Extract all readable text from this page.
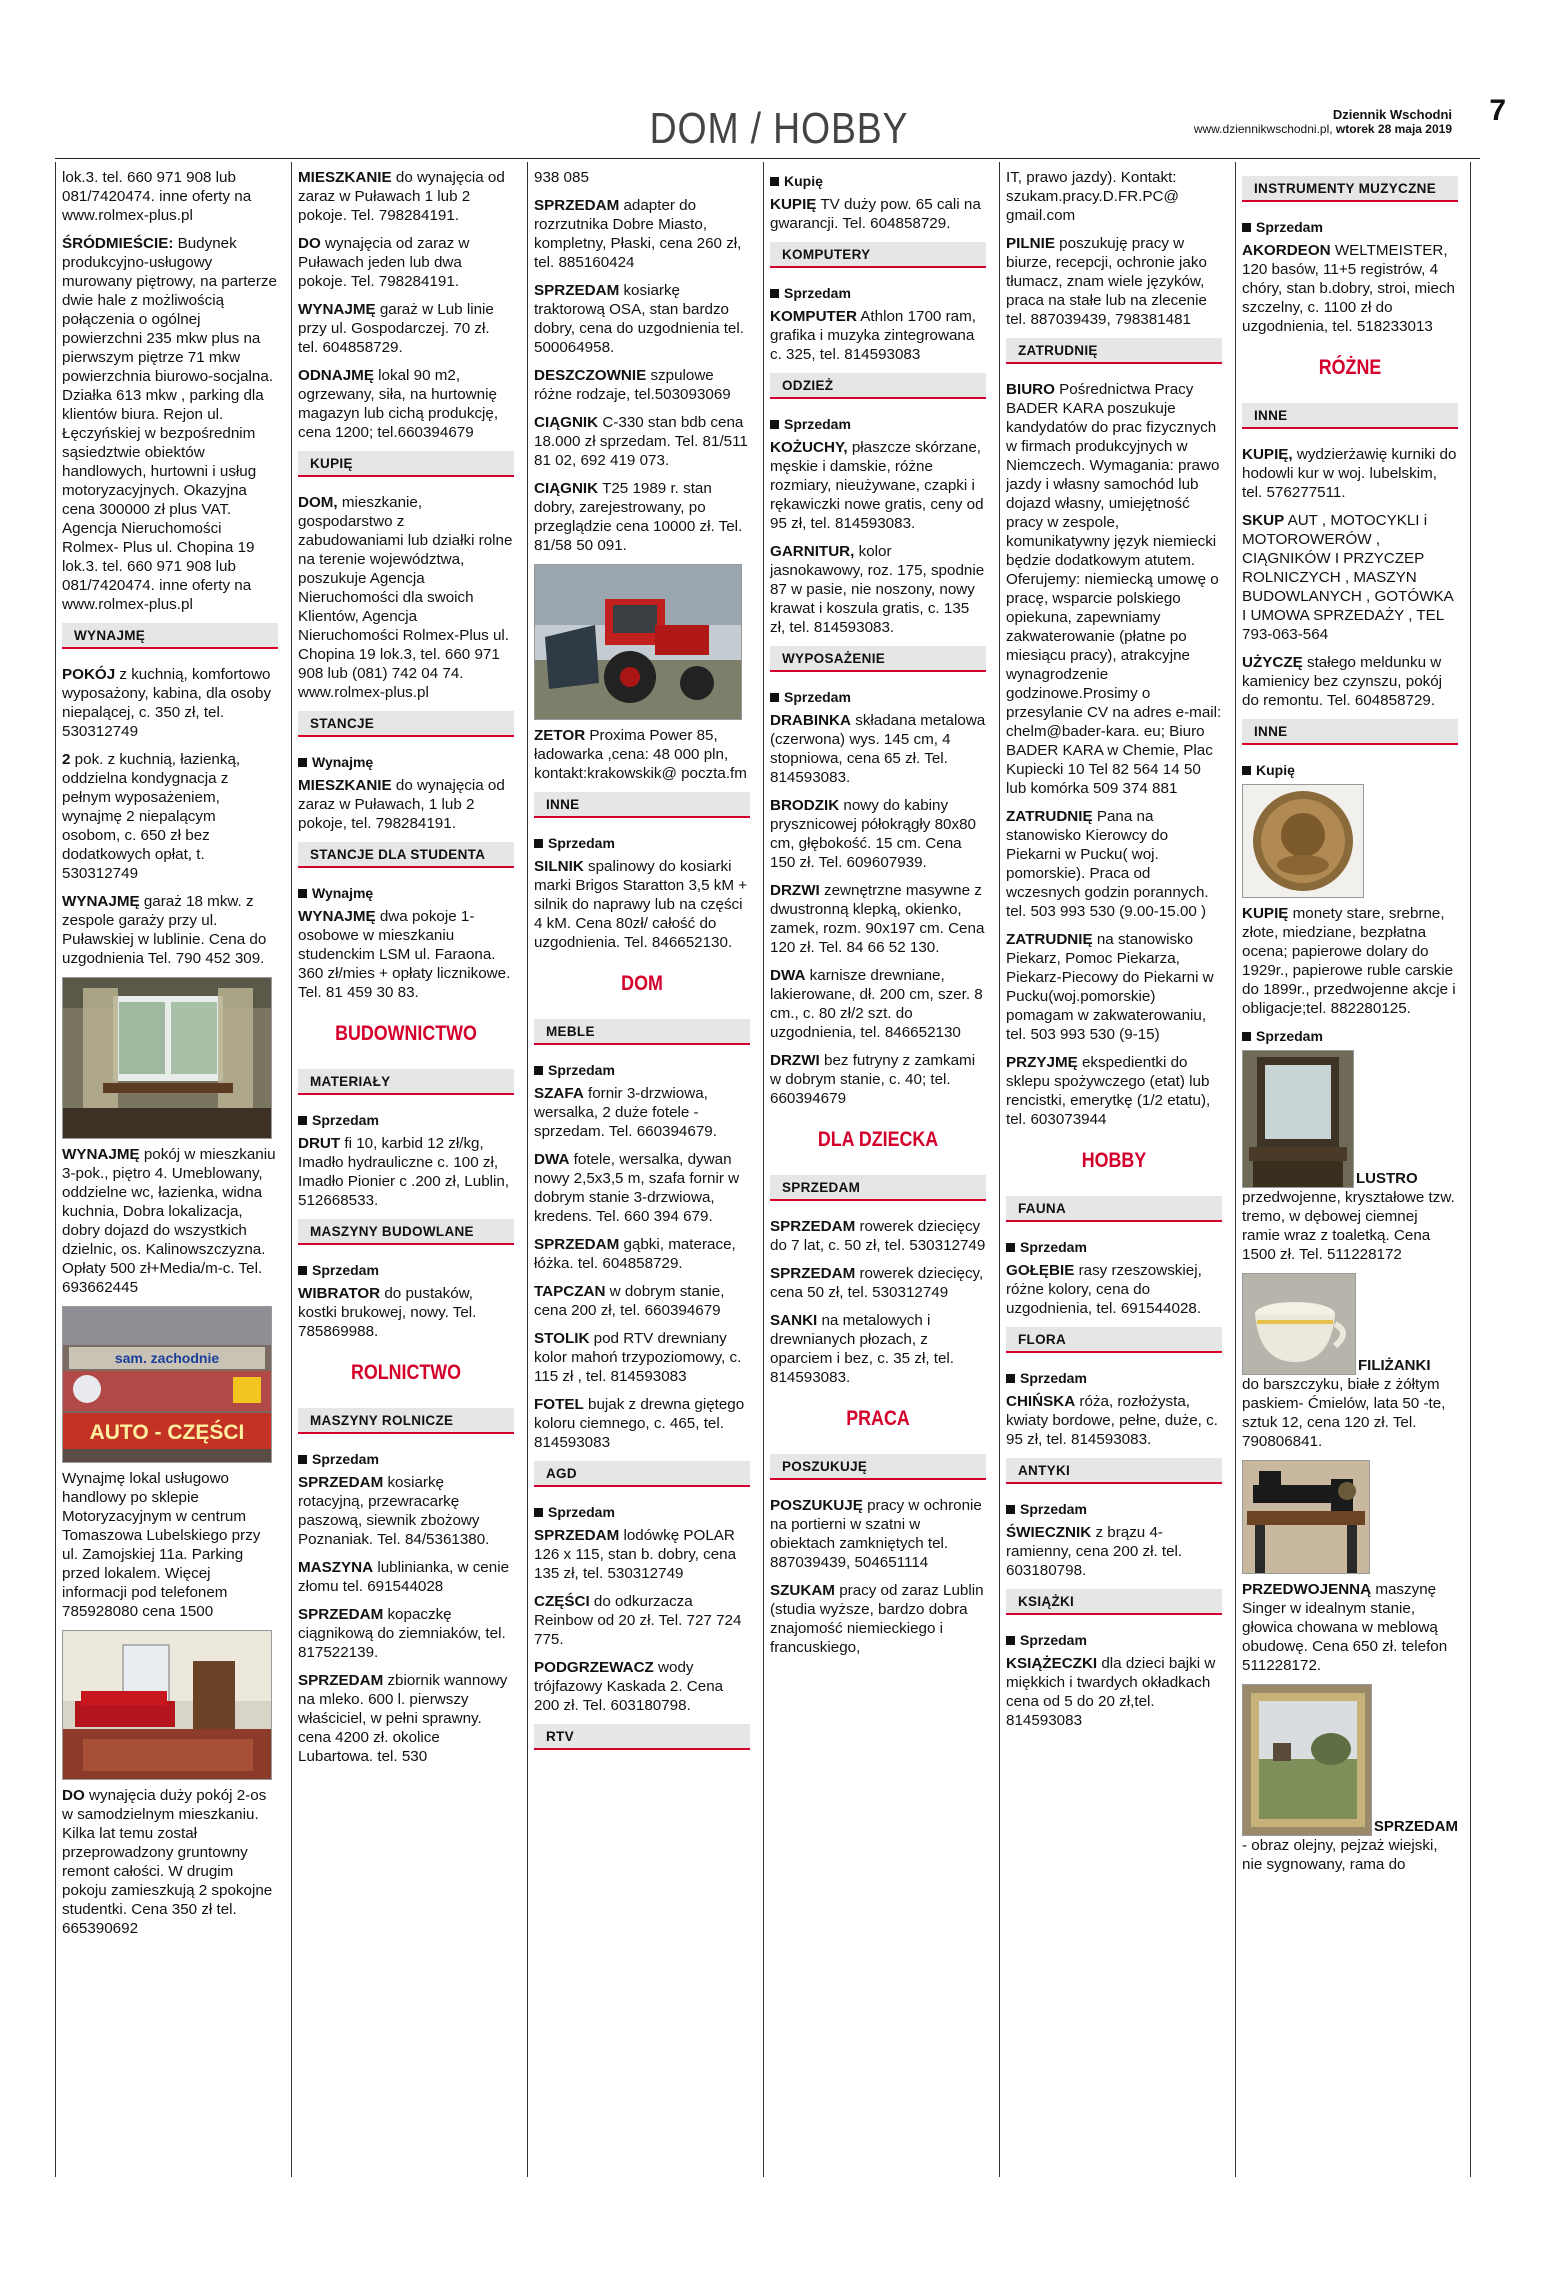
DOM / HOBBY	Dziennik Wschodni
www.dziennikwschodni.pl, wtorek 28 maja 2019
7

lok.3. tel. 660 971 908 lub 081/7420474. inne oferty na www.rolmex-plus.pl

ŚRÓDMIEŚCIE: Budynek produkcyjno-usługowy murowany piętrowy, na parterze dwie hale z możliwością połączenia o ogólnej powierzchni 235 mkw plus na pierwszym piętrze 71 mkw powierzchnia biurowo-socjalna. Działka 613 mkw , parking dla klientów biura. Rejon ul. Łęczyńskiej w bezpośrednim sąsiedztwie obiektów handlowych, hurtowni i usług motoryzacyjnych. Okazyjna cena 300000 zł plus VAT. Agencja Nieruchomości Rolmex- Plus ul. Chopina 19 lok.3. tel. 660 971 908 lub 081/7420474. inne oferty na www.rolmex-plus.pl

WYNAJMĘ

POKÓJ z kuchnią, komfortowo wyposażony, kabina, dla osoby niepalącej, c. 350 zł, tel. 530312749

2 pok. z kuchnią, łazienką, oddzielna kondygnacja z pełnym wyposażeniem, wynajmę 2 niepalącym osobom, c. 650 zł bez dodatkowych opłat, t. 530312749

WYNAJMĘ garaż 18 mkw. z zespole garaży przy ul. Puławskiej w lublinie. Cena do uzgodnienia Tel. 790 452 309.

WYNAJMĘ pokój w mieszkaniu 3-pok., piętro 4. Umeblowany, oddzielne wc, łazienka, widna kuchnia, Dobra lokalizacja, dobry dojazd do wszystkich dzielnic, os. Kalinowszczyzna. Opłaty 500 zł+Media/m-c. Tel. 693662445

sam. zachodnie
AUTO - CZĘŚCI

Wynajmę lokal usługowo handlowy po sklepie Motoryzacyjnym w centrum Tomaszowa Lubelskiego przy ul. Zamojskiej 11a. Parking przed lokalem. Więcej informacji pod telefonem 785928080 cena 1500

DO wynajęcia duży pokój 2-os w samodzielnym mieszkaniu. Kilka lat temu został przeprowadzony gruntowny remont całości. W drugim pokoju zamieszkują 2 spokojne studentki. Cena 350 zł tel. 665390692

MIESZKANIE do wynajęcia od zaraz w Puławach 1 lub 2 pokoje. Tel. 798284191.

DO wynajęcia od zaraz w Puławach jeden lub dwa pokoje. Tel. 798284191.

WYNAJMĘ garaż w Lub linie przy ul. Gospodarczej. 70 zł. tel. 604858729.

ODNAJMĘ lokal 90 m2, ogrzewany, siła, na hurtownię magazyn lub cichą produkcję, cena 1200; tel.660394679

KUPIĘ

DOM, mieszkanie, gospodarstwo z zabudowaniami lub działki rolne na terenie województwa, poszukuje Agencja Nieruchomości dla swoich Klientów, Agencja Nieruchomości Rolmex-Plus ul. Chopina 19 lok.3, tel. 660 971 908 lub (081) 742 04 74. www.rolmex-plus.pl

STANCJE
Wynajmę

MIESZKANIE do wynajęcia od zaraz w Puławach, 1 lub 2 pokoje, tel. 798284191.

STANCJE DLA STUDENTA
Wynajmę

WYNAJMĘ dwa pokoje 1-osobowe w mieszkaniu studenckim LSM ul. Faraona. 360 zł/mies + opłaty licznikowe. Tel. 81 459 30 83.

BUDOWNICTWO
MATERIAŁY
Sprzedam

DRUT fi 10, karbid 12 zł/kg, Imadło hydrauliczne c. 100 zł, Imadło Pionier c .200 zł, Lublin, 512668533.

MASZYNY BUDOWLANE
Sprzedam

WIBRATOR do pustaków, kostki brukowej, nowy. Tel. 785869988.

ROLNICTWO
MASZYNY ROLNICZE
Sprzedam

SPRZEDAM kosiarkę rotacyjną, przewracarkę paszową, siewnik zbożowy Poznaniak. Tel. 84/5361380.

MASZYNA lublinianka, w cenie złomu tel. 691544028

SPRZEDAM kopaczkę ciągnikową do ziemniaków, tel. 817522139.

SPRZEDAM zbiornik wannowy na mleko. 600 l. pierwszy właściciel, w pełni sprawny. cena 4200 zł. okolice Lubartowa. tel. 530

938 085

SPRZEDAM adapter do rozrzutnika Dobre Miasto, kompletny, Płaski, cena 260 zł, tel. 885160424

SPRZEDAM kosiarkę traktorową OSA, stan bardzo dobry, cena do uzgodnienia tel. 500064958.

DESZCZOWNIE szpulowe różne rodzaje, tel.503093069

CIĄGNIK C-330 stan bdb cena 18.000 zł sprzedam. Tel. 81/511 81 02, 692 419 073.

CIĄGNIK T25 1989 r. stan dobry, zarejestrowany, po przeglądzie cena 10000 zł. Tel. 81/58 50 091.

ZETOR Proxima Power 85, ładowarka ,cena: 48 000 pln, kontakt:krakowskik@ poczta.fm

INNE
Sprzedam

SILNIK spalinowy do kosiarki marki Brigos Staratton 3,5 kM + silnik do naprawy lub na części 4 kM. Cena 80zł/ całość do uzgodnienia. Tel. 846652130.

DOM
MEBLE
Sprzedam

SZAFA fornir 3-drzwiowa, wersalka, 2 duże fotele - sprzedam. Tel. 660394679.

DWA fotele, wersalka, dywan nowy 2,5x3,5 m, szafa fornir w dobrym stanie 3-drzwiowa, kredens. Tel. 660 394 679.

SPRZEDAM gąbki, materace, łóżka. tel. 604858729.

TAPCZAN w dobrym stanie, cena 200 zł, tel. 660394679

STOLIK pod RTV drewniany kolor mahoń trzypoziomowy, c. 115 zł , tel. 814593083

FOTEL bujak z drewna giętego koloru ciemnego, c. 465, tel. 814593083

AGD
Sprzedam

SPRZEDAM lodówkę POLAR 126 x 115, stan b. dobry, cena 135 zł, tel. 530312749

CZĘŚCI do odkurzacza Reinbow od 20 zł. Tel. 727 724 775.

PODGRZEWACZ wody trójfazowy Kaskada 2. Cena 200 zł. Tel. 603180798.

RTV
Kupię

KUPIĘ TV duży pow. 65 cali na gwarancji. Tel. 604858729.

KOMPUTERY
Sprzedam

KOMPUTER Athlon 1700 ram, grafika i muzyka zintegrowana c. 325, tel. 814593083

ODZIEŻ
Sprzedam

KOŻUCHY, płaszcze skórzane, męskie i damskie, różne rozmiary, nieużywane, czapki i rękawiczki nowe gratis, ceny od 95 zł, tel. 814593083.

GARNITUR, kolor jasnokawowy, roz. 175, spodnie 87 w pasie, nie noszony, nowy krawat i koszula gratis, c. 135 zł, tel. 814593083.

WYPOSAŻENIE
Sprzedam

DRABINKA składana metalowa (czerwona) wys. 145 cm, 4 stopniowa, cena 65 zł. Tel. 814593083.

BRODZIK nowy do kabiny prysznicowej półokrągły 80x80 cm, głębokość. 15 cm. Cena 150 zł. Tel. 609607939.

DRZWI zewnętrzne masywne z dwustronną klepką, okienko, zamek, rozm. 90x197 cm. Cena 120 zł. Tel. 84 66 52 130.

DWA karnisze drewniane, lakierowane, dł. 200 cm, szer. 8 cm., c. 80 zł/2 szt. do uzgodnienia, tel. 846652130

DRZWI bez futryny z zamkami w dobrym stanie, c. 40; tel. 660394679

DLA DZIECKA
SPRZEDAM

SPRZEDAM rowerek dziecięcy do 7 lat, c. 50 zł, tel. 530312749

SPRZEDAM rowerek dziecięcy, cena 50 zł, tel. 530312749

SANKI na metalowych i drewnianych płozach, z oparciem i bez, c. 35 zł, tel. 814593083.

PRACA
POSZUKUJĘ

POSZUKUJĘ pracy w ochronie na portierni w szatni w obiektach zamkniętych tel. 887039439, 504651114

SZUKAM pracy od zaraz Lublin (studia wyższe, bardzo dobra znajomość niemieckiego i francuskiego,

IT, prawo jazdy). Kontakt: szukam.pracy.D.FR.PC@ gmail.com

PILNIE poszukuję pracy w biurze, recepcji, ochronie jako tłumacz, znam wiele języków, praca na stałe lub na zlecenie tel. 887039439, 798381481

ZATRUDNIĘ

BIURO Pośrednictwa Pracy BADER KARA poszukuje kandydatów do prac fizycznych w firmach produkcyjnych w Niemczech. Wymagania: prawo jazdy i własny samochód lub dojazd własny, umiejętność pracy w zespole, komunikatywny język niemiecki będzie dodatkowym atutem. Oferujemy: niemiecką umowę o pracę, wsparcie polskiego opiekuna, zapewniamy zakwaterowanie (płatne po miesiącu pracy), atrakcyjne wynagrodzenie godzinowe.Prosimy o przesylanie CV na adres e-mail: chelm@bader-kara. eu; Biuro BADER KARA w Chemie, Plac Kupiecki 10 Tel 82 564 14 50 lub komórka 509 374 881

ZATRUDNIĘ Pana na stanowisko Kierowcy do Piekarni w Pucku( woj. pomorskie). Praca od wczesnych godzin porannych. tel. 503 993 530 (9.00-15.00 )

ZATRUDNIĘ na stanowisko Piekarz, Pomoc Piekarza, Piekarz-Piecowy do Piekarni w Pucku(woj.pomorskie) pomagam w zakwaterowaniu, tel. 503 993 530 (9-15)

PRZYJMĘ ekspedientki do sklepu spożywczego (etat) lub rencistki, emerytkę (1/2 etatu), tel. 603073944

HOBBY
FAUNA
Sprzedam

GOŁĘBIE rasy rzeszowskiej, różne kolory, cena do uzgodnienia, tel. 691544028.

FLORA
Sprzedam

CHIŃSKA róża, rozłożysta, kwiaty bordowe, pełne, duże, c. 95 zł, tel. 814593083.

ANTYKI
Sprzedam

ŚWIECZNIK z brązu 4-ramienny, cena 200 zł. tel. 603180798.

KSIĄŻKI
Sprzedam

KSIĄŻECZKI dla dzieci bajki w miękkich i twardych okładkach cena od 5 do 20 zł,tel. 814593083

INSTRUMENTY MUZYCZNE
Sprzedam

AKORDEON WELTMEISTER, 120 basów, 11+5 registrów, 4 chóry, stan b.dobry, stroi, miech szczelny, c. 1100 zł do uzgodnienia, tel. 518233013

RÓŻNE
INNE

KUPIĘ, wydzierżawię kurniki do hodowli kur w woj. lubelskim, tel. 576277511.

SKUP AUT , MOTOCYKLI i MOTOROWERÓW , CIĄGNIKÓW I PRZYCZEP ROLNICZYCH , MASZYN BUDOWLANYCH , GOTÓWKA I UMOWA SPRZEDAŻY , TEL 793-063-564

UŻYCZĘ stałego meldunku w kamienicy bez czynszu, pokój do remontu. Tel. 604858729.

INNE
Kupię

KUPIĘ monety stare, srebrne, złote, miedziane, bezpłatna ocena; papierowe dolary do 1929r., papierowe ruble carskie do 1899r., przedwojenne akcje i obligacje;tel. 882280125.

Sprzedam
LUSTRO

przedwojenne, kryształowe tzw. tremo, w dębowej ciemnej ramie wraz z toaletką. Cena 1500 zł. Tel. 511228172

FILIŻANKI

do barszczyku, białe z żółtym paskiem- Ćmielów, lata 50 -te, sztuk 12, cena 120 zł. Tel. 790806841.

PRZEDWOJENNĄ maszynę Singer w idealnym stanie, głowica chowana w meblową obudowę. Cena 650 zł. telefon 511228172.

SPRZEDAM

- obraz olejny, pejzaż wiejski, nie sygnowany, rama do
